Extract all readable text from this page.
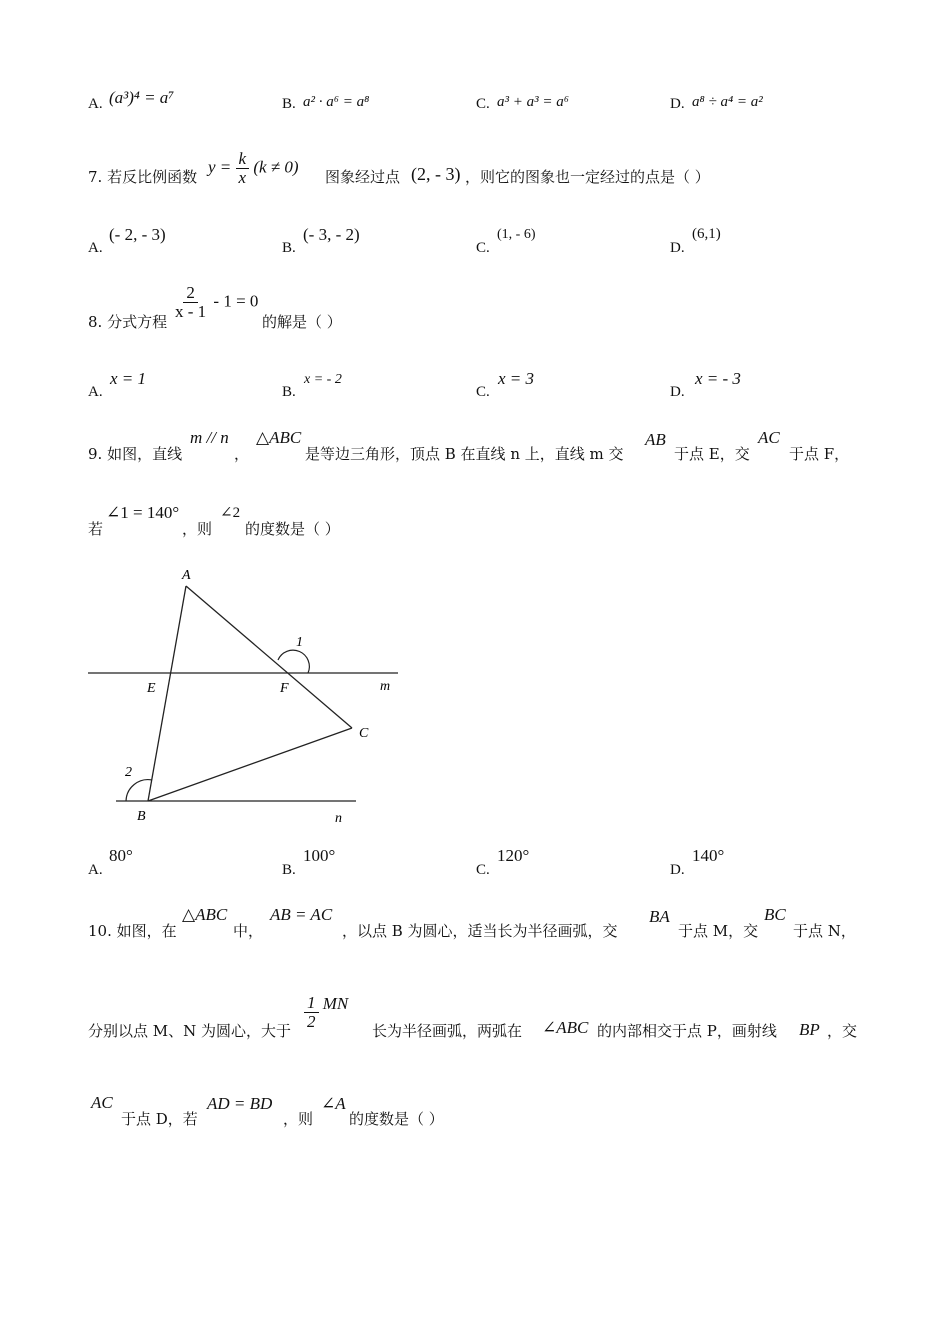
A. (a³)⁴ = a⁷	B. a² · a⁶ = a⁸	C. a³ + a³ = a⁶	D. a⁸ ÷ a⁴ = a²
7. 若反比例函数
$y = \frac{k}{x} (k \ne 0)$
图象经过点 (2, - 3) ，则它的图象也一定经过的点是（ ）
A.
(- 2, - 3)
B.
(- 3, - 2)
C.
(1, - 6)
D.
(6,1)
8. 分式方程
$\frac{2}{x - 1} - 1 = 0$
的解是（ ）
A.
x = 1
B.
x = - 2
C.
x = 3
D.
x = - 3
9. 如图，直线
m // n
，
△ABC
是等边三角形，顶点 B 在直线 n 上，直线 m 交
AB
于点 E，交
AC
于点 F，
若
∠1 = 140°
，则
∠2
的度数是（ ）
A
B
C
E	F	m
n
1
2
A.
80°
B.
100°
C.
120°
D.
140°
10. 如图，在
△ABC
中，
AB = AC
，以点 B 为圆心，适当长为半径画弧，交
BA
于点 M，交
BC
于点 N，
分别以点 M、N 为圆心，大于
$\frac{1}{2}$ MN
长为半径画弧，两弧在 ∠ABC 的内部相交于点 P，画射线 BP ，交
AC
于点 D，若
AD = BD
，则
∠A
的度数是（ ）
